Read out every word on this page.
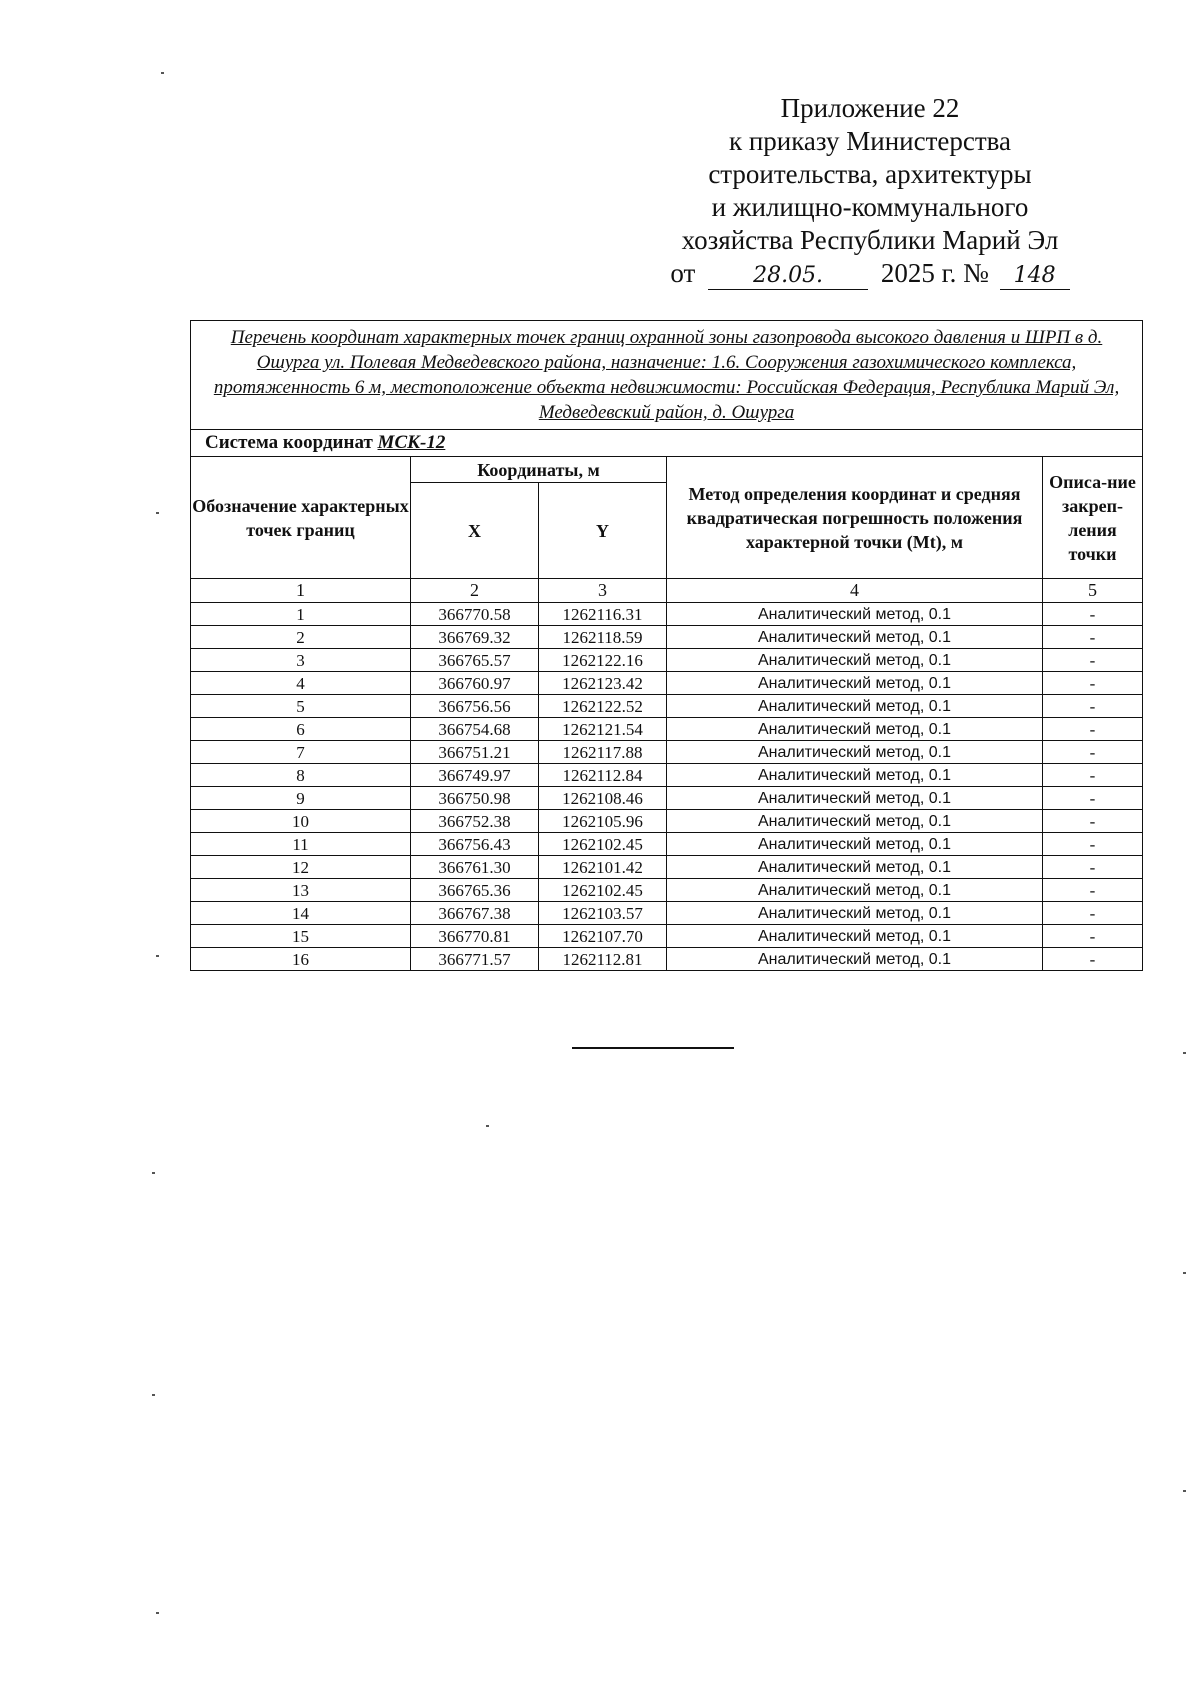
Приложение 22
к приказу Министерства
строительства, архитектуры
и жилищно-коммунального
хозяйства Республики Марий Эл
от	28.05. 2025 г. № 148
Перечень координат характерных точек границ охранной зоны газопровода высокого давления и ШРП в д. Ошурга ул. Полевая Медведевского района, назначение: 1.6. Сооружения газохимического комплекса, протяженность 6 м, местоположение объекта недвижимости: Российская Федерация, Республика Марий Эл, Медведевский район, д. Ошурга				
Система координат МСК-12				
Обозначение характерных точек границ	Координаты, м		Метод определения координат и средняя квадратическая погрешность положения характерной точки (Mt), м	Описа-ние закреп-ления точки
	X	Y		
1	2	3	4	5
1	366770.58	1262116.31	Аналитический метод, 0.1	-
2	366769.32	1262118.59	Аналитический метод, 0.1	-
3	366765.57	1262122.16	Аналитический метод, 0.1	-
4	366760.97	1262123.42	Аналитический метод, 0.1	-
5	366756.56	1262122.52	Аналитический метод, 0.1	-
6	366754.68	1262121.54	Аналитический метод, 0.1	-
7	366751.21	1262117.88	Аналитический метод, 0.1	-
8	366749.97	1262112.84	Аналитический метод, 0.1	-
9	366750.98	1262108.46	Аналитический метод, 0.1	-
10	366752.38	1262105.96	Аналитический метод, 0.1	-
11	366756.43	1262102.45	Аналитический метод, 0.1	-
12	366761.30	1262101.42	Аналитический метод, 0.1	-
13	366765.36	1262102.45	Аналитический метод, 0.1	-
14	366767.38	1262103.57	Аналитический метод, 0.1	-
15	366770.81	1262107.70	Аналитический метод, 0.1	-
16	366771.57	1262112.81	Аналитический метод, 0.1	-
